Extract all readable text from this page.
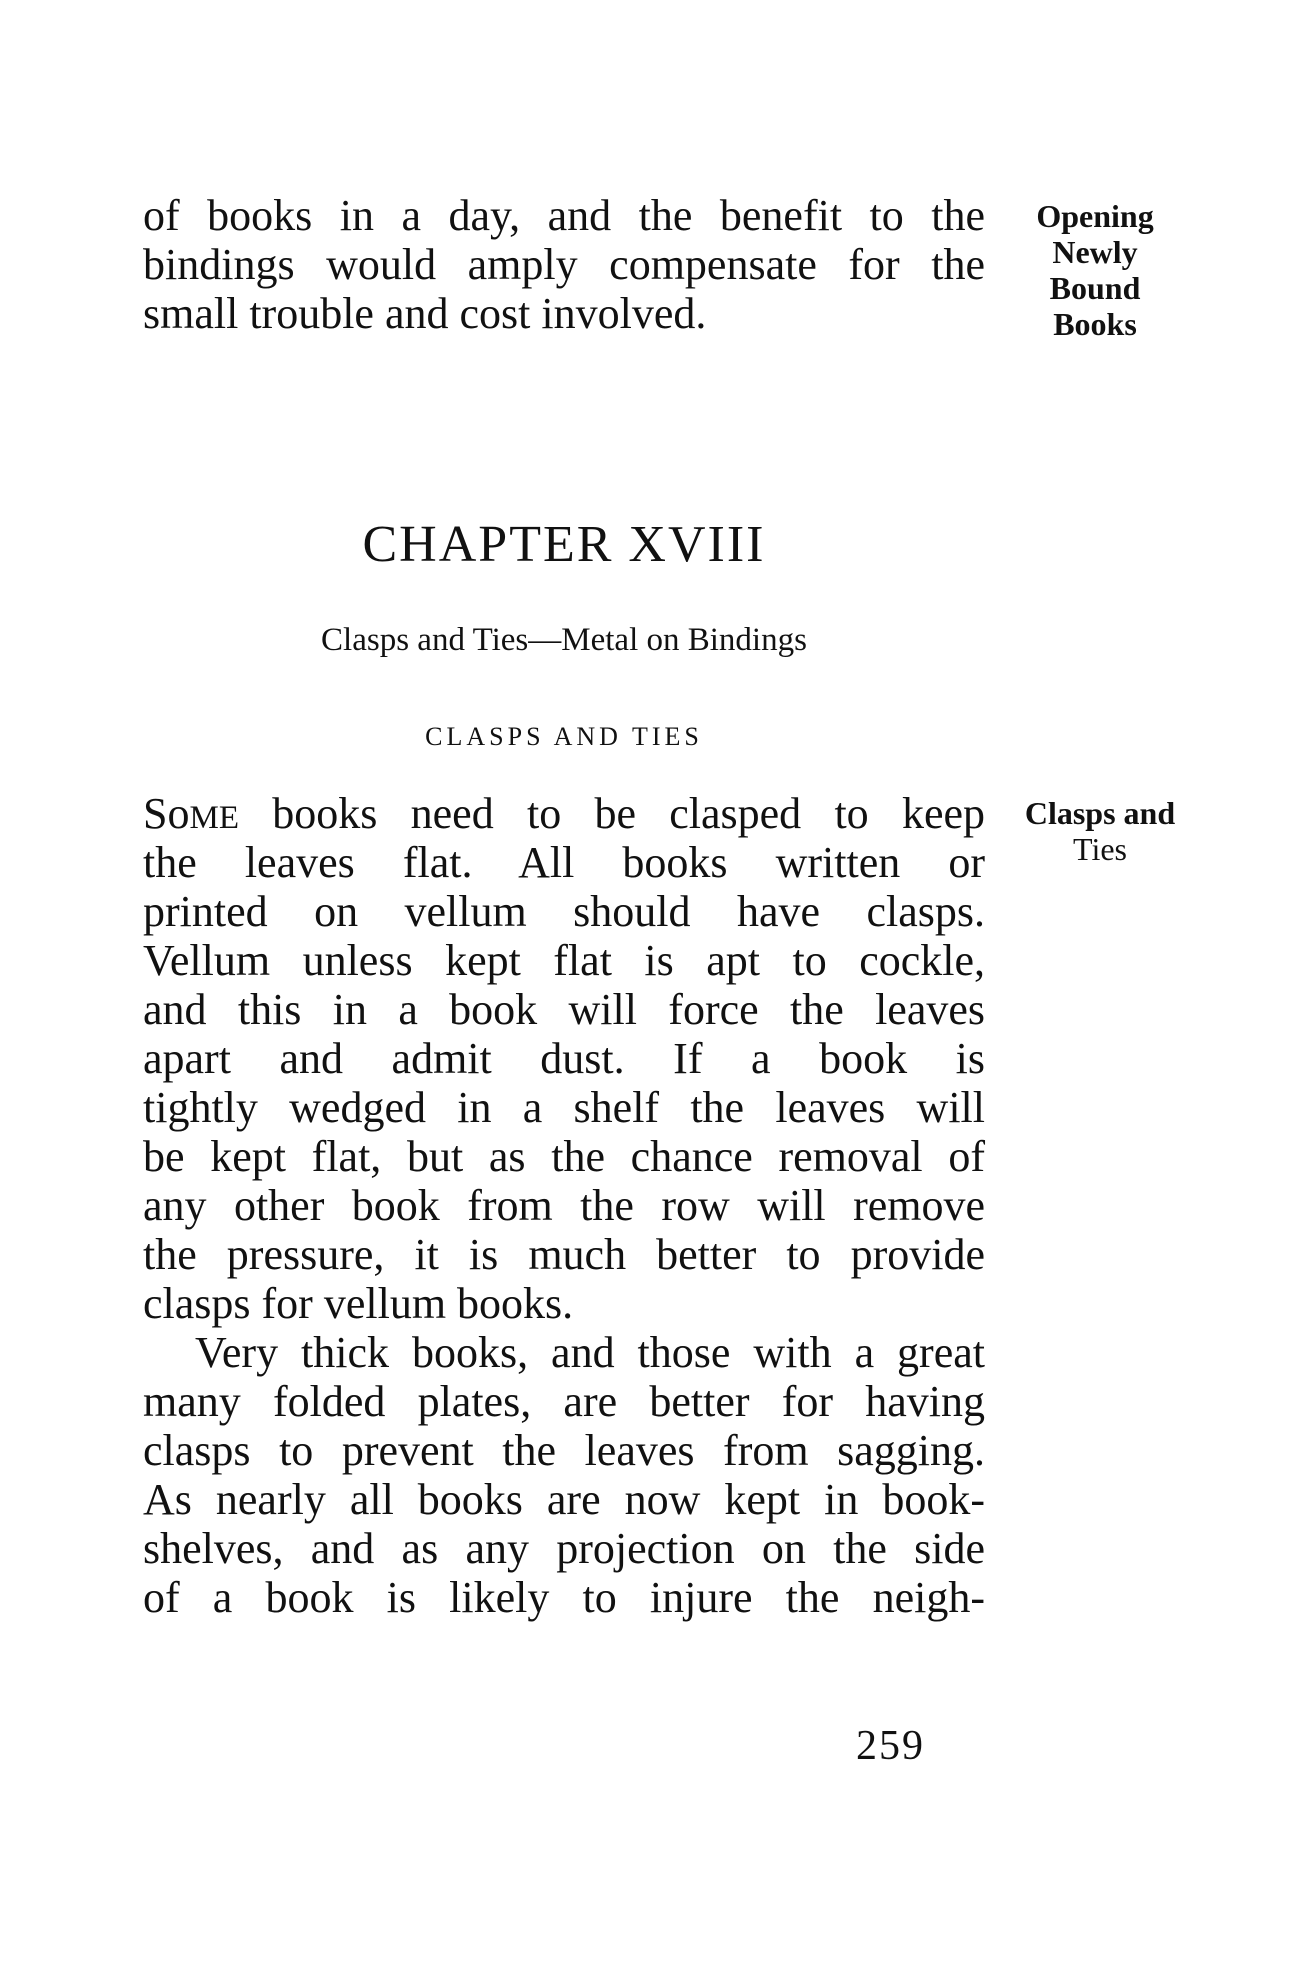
of books in a day, and the benefit to the
bindings would amply compensate for the
small trouble and cost involved.
Opening
Newly
Bound
Books
CHAPTER XVIII
Clasps and Ties—Metal on Bindings
CLASPS AND TIES
Clasps and
Ties
SoME books need to be clasped to keep
the leaves flat. All books written or
printed on vellum should have clasps.
Vellum unless kept flat is apt to cockle,
and this in a book will force the leaves
apart and admit dust. If a book is
tightly wedged in a shelf the leaves will
be kept flat, but as the chance removal of
any other book from the row will remove
the pressure, it is much better to provide
clasps for vellum books.
Very thick books, and those with a great
many folded plates, are better for having
clasps to prevent the leaves from sagging.
As nearly all books are now kept in book-
shelves, and as any projection on the side
of a book is likely to injure the neigh-
259
